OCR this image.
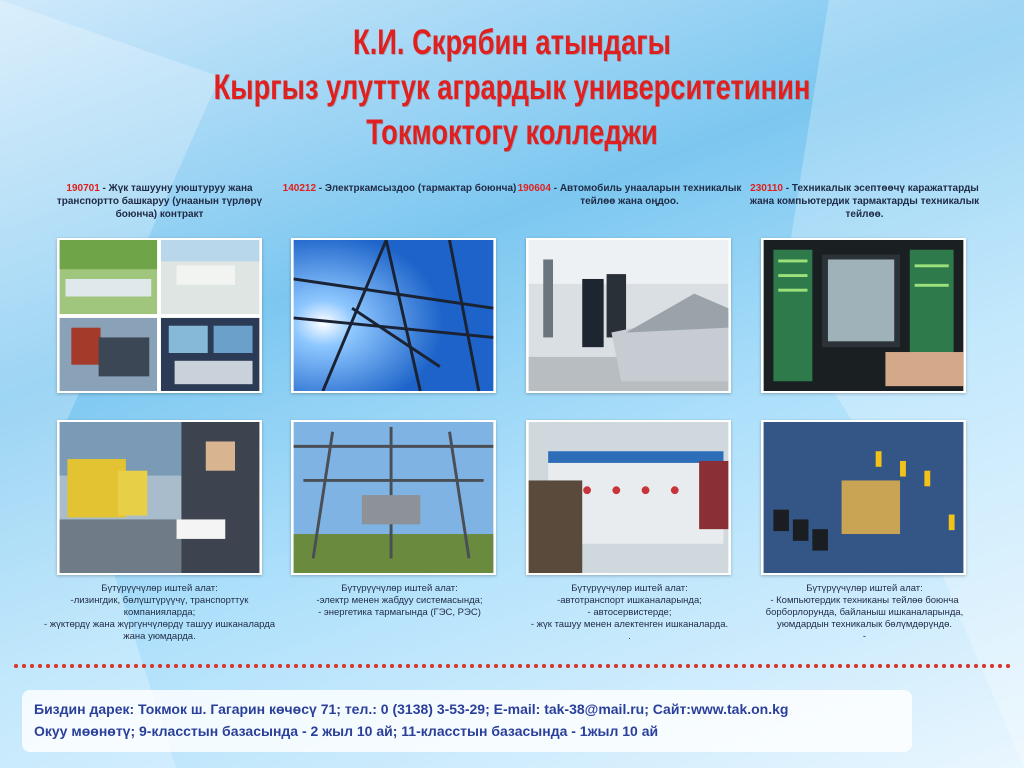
К.И. Скрябин атындагы
Кыргыз улуттук агрардык университетинин
Токмоктогу колледжи
190701 - Жүк ташууну уюштуруу жана транспортто башкаруу (унаанын түрлөрү боюнча) контракт
Бүтүрүүчүлөр иштей алат:
-лизингдик, бөлүштүрүүчү, транспорттук компанияларда;
- жүктөрдү жана жүргүнчүлөрдү ташуу ишканаларда жана уюмдарда.
140212 - Электркамсыздоо (тармактар боюнча)
Бүтүрүүчүлөр иштей алат:
-электр менен жабдуу системасында;
- энергетика тармагында (ГЭС, РЭС)
190604 - Автомобиль унааларын техникалык тейлөө жана оңдоо.
Бүтүрүүчүлөр иштей алат:
-автотранспорт ишканаларында;
- автосервистерде;
- жүк ташуу менен алектенген ишканаларда.
.
230110 - Техникалык эсептөөчү каражаттарды жана компьютердик тармактарды техникалык тейлөө.
Бүтүрүүчүлөр иштей алат:
- Компьютердик техниканы тейлөө боюнча борборлорунда, байланыш ишканаларында, уюмдардын техникалык бөлүмдөрүндө.
-
Биздин дарек: Токмок ш. Гагарин көчөсү 71; тел.: 0 (3138) 3-53-29; E-mail: tak-38@mail.ru; Сайт:www.tak.on.kg
Окуу мөөнөтү; 9-класстын базасында - 2 жыл 10 ай; 11-класстын базасында - 1жыл 10 ай
